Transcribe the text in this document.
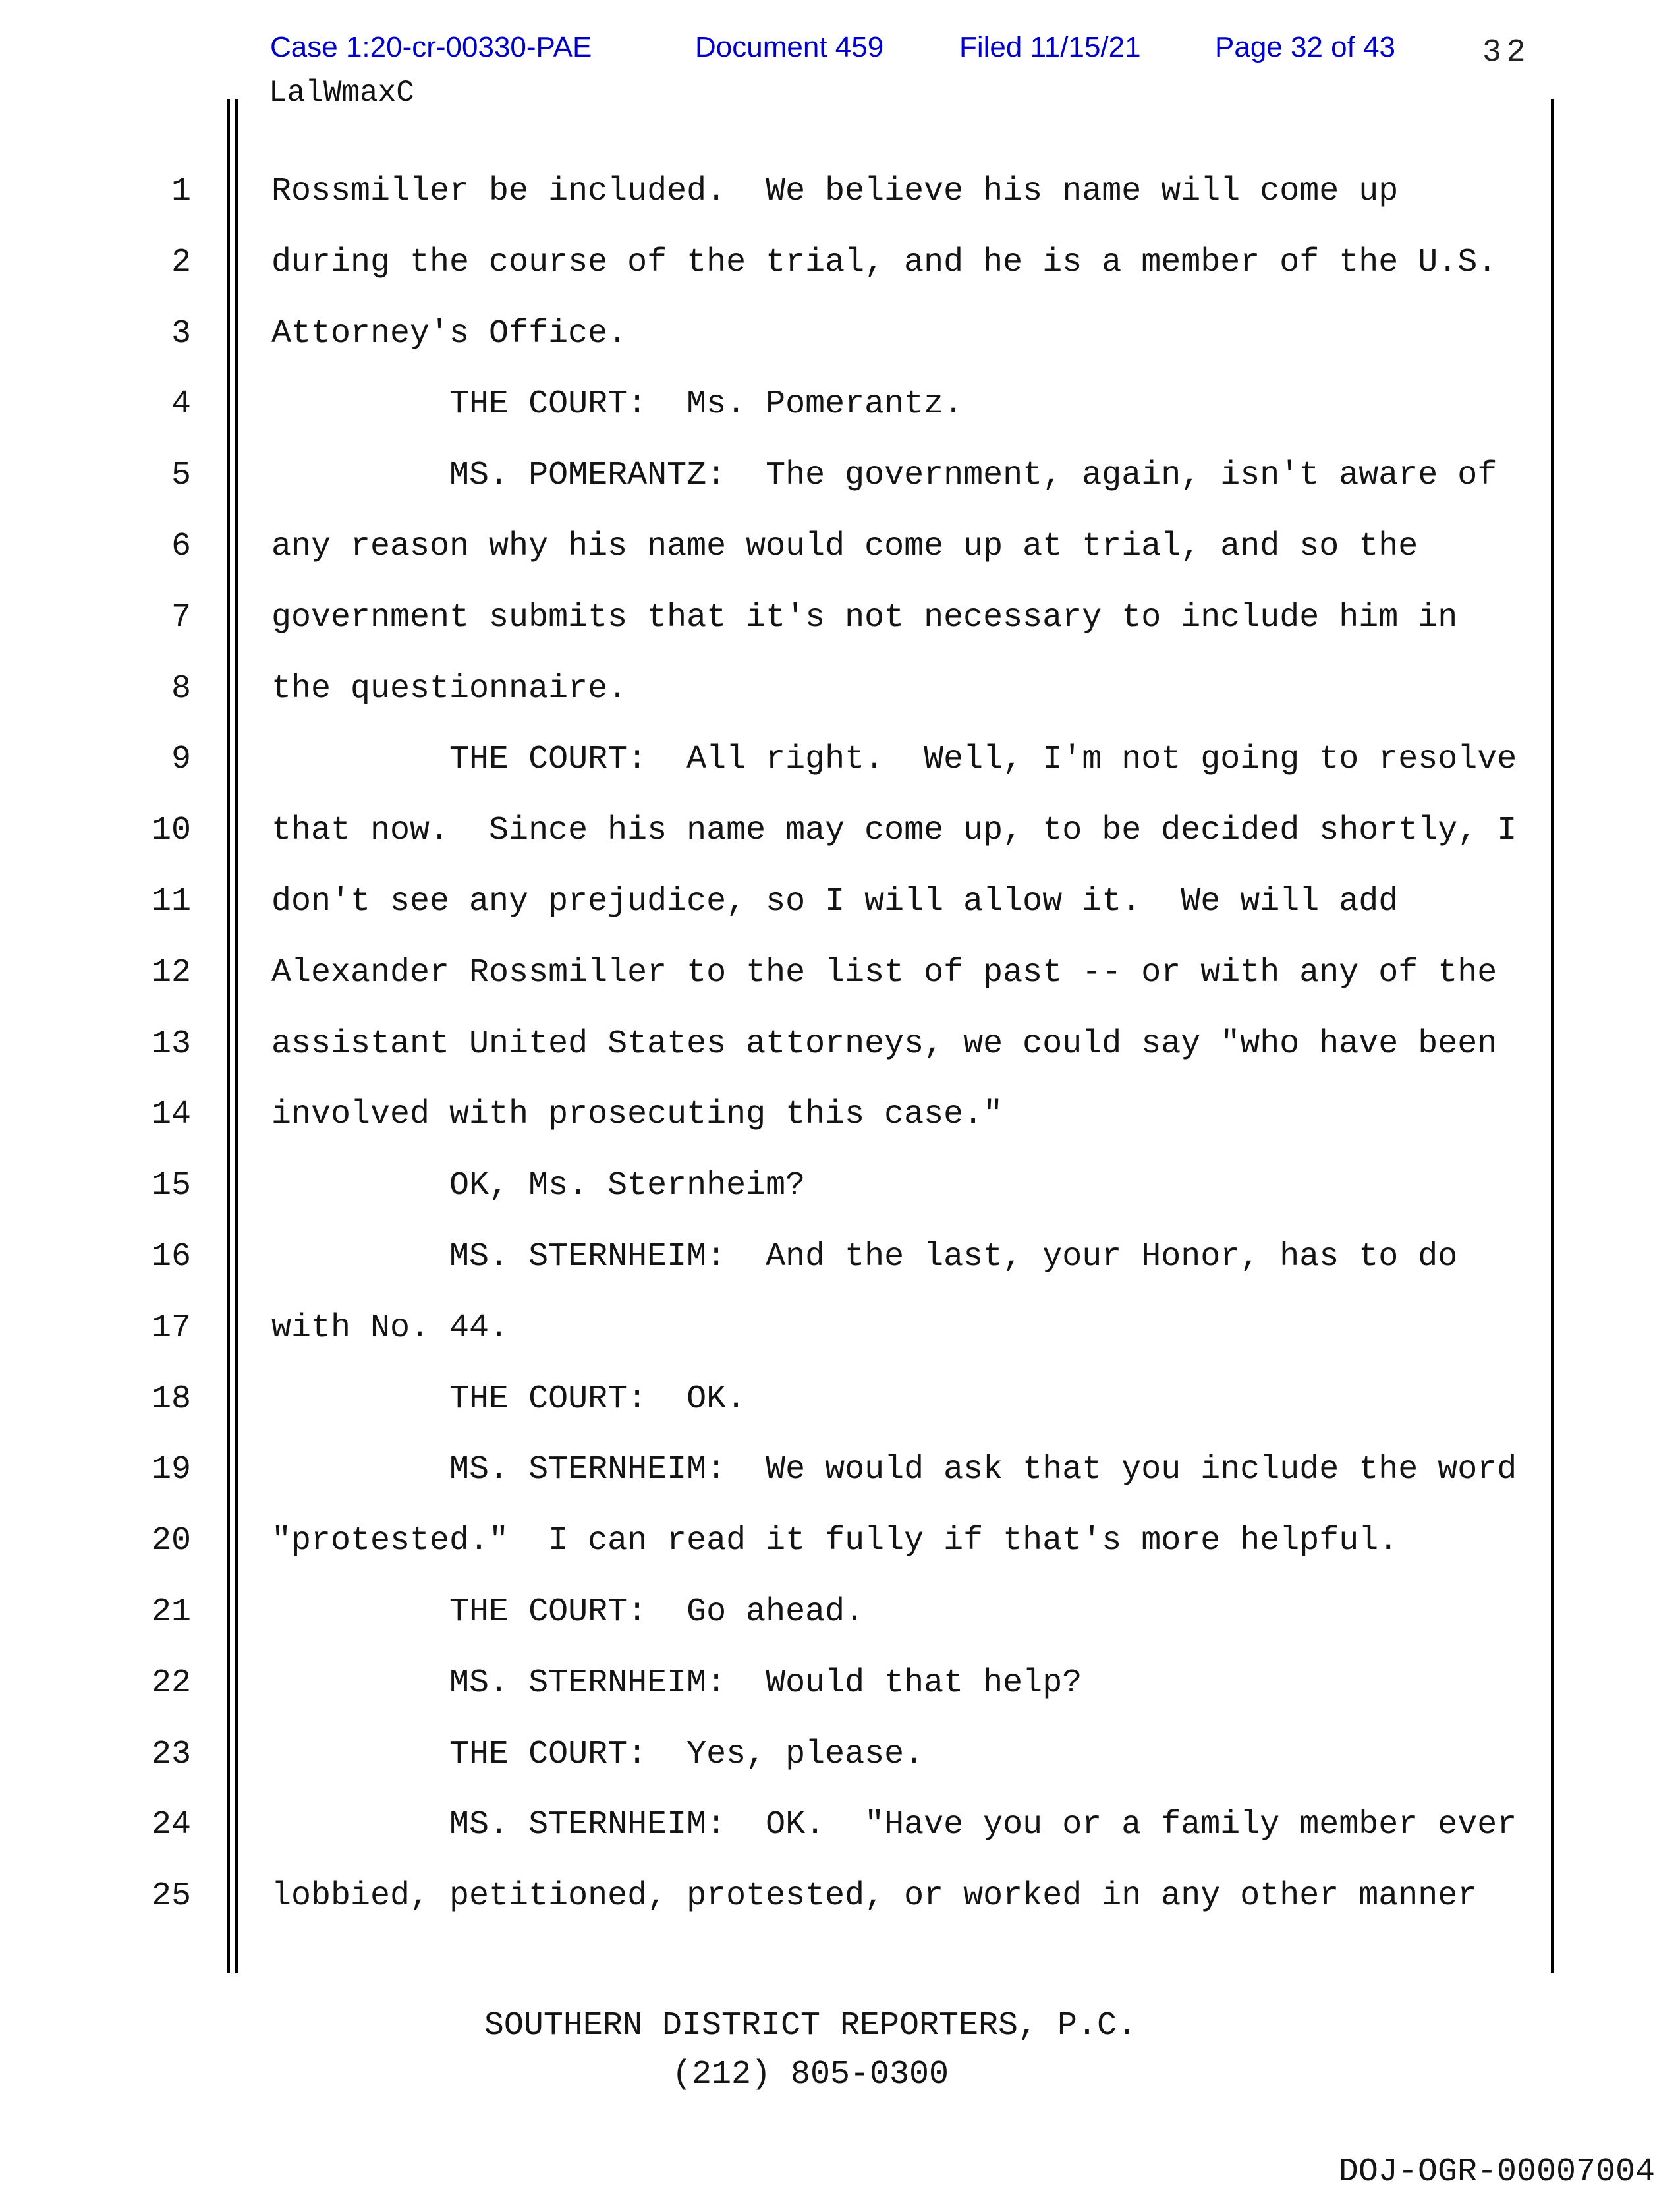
Case 1:20-cr-00330-PAE	Document 459	Filed 11/15/21	Page 32 of 43	32
LalWmaxC
1 Rossmiller be included.  We believe his name will come up
2 during the course of the trial, and he is a member of the U.S.
3 Attorney's Office.
4         THE COURT:  Ms. Pomerantz.
5         MS. POMERANTZ:  The government, again, isn't aware of
6 any reason why his name would come up at trial, and so the
7 government submits that it's not necessary to include him in
8 the questionnaire.
9         THE COURT:  All right.  Well, I'm not going to resolve
10 that now.  Since his name may come up, to be decided shortly, I
11 don't see any prejudice, so I will allow it.  We will add
12 Alexander Rossmiller to the list of past -- or with any of the
13 assistant United States attorneys, we could say "who have been
14 involved with prosecuting this case."
15         OK, Ms. Sternheim?
16         MS. STERNHEIM:  And the last, your Honor, has to do
17 with No. 44.
18         THE COURT:  OK.
19         MS. STERNHEIM:  We would ask that you include the word
20 "protested."  I can read it fully if that's more helpful.
21         THE COURT:  Go ahead.
22         MS. STERNHEIM:  Would that help?
23         THE COURT:  Yes, please.
24         MS. STERNHEIM:  OK.  "Have you or a family member ever
25 lobbied, petitioned, protested, or worked in any other manner
SOUTHERN DISTRICT REPORTERS, P.C.
(212) 805-0300
DOJ-OGR-00007004
